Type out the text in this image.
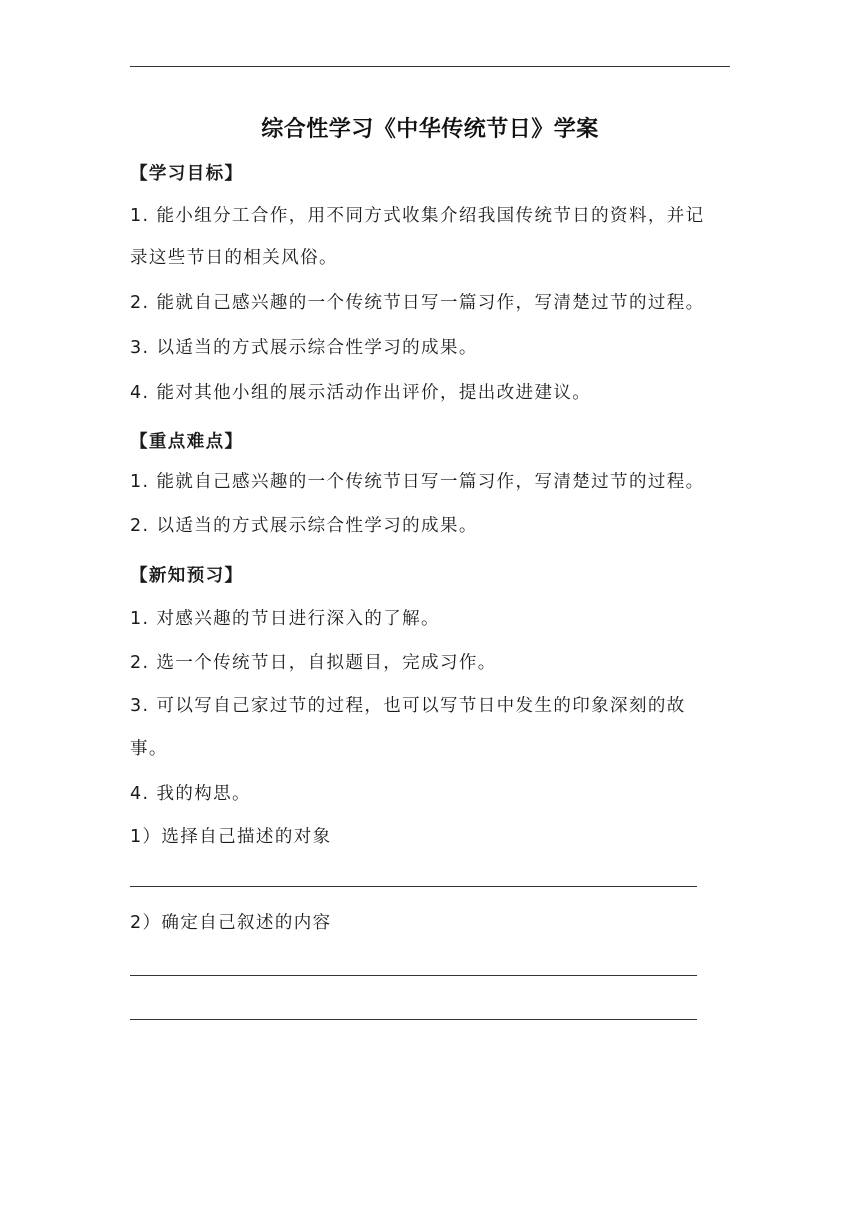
综合性学习《中华传统节日》学案
【学习目标】
1. 能小组分工合作，用不同方式收集介绍我国传统节日的资料，并记
录这些节日的相关风俗。
2. 能就自己感兴趣的一个传统节日写一篇习作，写清楚过节的过程。
3. 以适当的方式展示综合性学习的成果。
4. 能对其他小组的展示活动作出评价，提出改进建议。
【重点难点】
1. 能就自己感兴趣的一个传统节日写一篇习作，写清楚过节的过程。
2. 以适当的方式展示综合性学习的成果。
【新知预习】
1. 对感兴趣的节日进行深入的了解。
2. 选一个传统节日，自拟题目，完成习作。
3. 可以写自己家过节的过程，也可以写节日中发生的印象深刻的故
事。
4. 我的构思。
1）选择自己描述的对象
2）确定自己叙述的内容
